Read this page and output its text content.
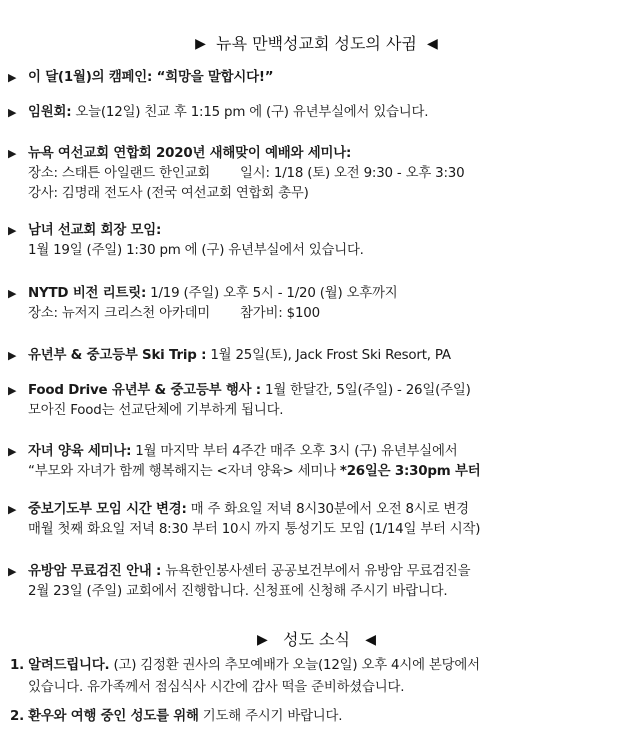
▶ 뉴욕 만백성교회 성도의 사귐 ◀
▶ 이 달(1월)의 캠페인: “희망을 말합시다!”
▶ 임원회: 오늘(12일) 친교 후 1:15 pm 에 (구) 유년부실에서 있습니다.
▶ 뉴욕 여선교회 연합회 2020년 새해맞이 예배와 세미나:
장소: 스태튼 아일랜드 한인교회 일시: 1/18 (토) 오전 9:30 - 오후 3:30
강사: 김명래 전도사 (전국 여선교회 연합회 총무)
▶ 남녀 선교회 회장 모임:
1월 19일 (주일) 1:30 pm 에 (구) 유년부실에서 있습니다.
▶ NYTD 비전 리트릿: 1/19 (주일) 오후 5시 - 1/20 (월) 오후까지
장소: 뉴저지 크리스천 아카데미 참가비: $100
▶ 유년부 & 중고등부 Ski Trip : 1월 25일(토), Jack Frost Ski Resort, PA
▶ Food Drive 유년부 & 중고등부 행사 : 1월 한달간, 5일(주일) - 26일(주일)
모아진 Food는 선교단체에 기부하게 됩니다.
▶ 자녀 양육 세미나: 1월 마지막 부터 4주간 매주 오후 3시 (구) 유년부실에서
“부모와 자녀가 함께 행복해지는 <자녀 양육> 세미나 *26일은 3:30pm 부터
▶ 중보기도부 모임 시간 변경: 매 주 화요일 저녁 8시30분에서 오전 8시로 변경
매월 첫째 화요일 저녁 8:30 부터 10시 까지 통성기도 모임 (1/14일 부터 시작)
▶ 유방암 무료검진 안내 : 뉴욕한인봉사센터 공공보건부에서 유방암 무료검진을
2월 23일 (주일) 교회에서 진행합니다. 신청표에 신청해 주시기 바랍니다.
▶ 성도 소식 ◀
1. 알려드립니다. (고) 김정환 권사의 추모예배가 오늘(12일) 오후 4시에 본당에서
있습니다. 유가족께서 점심식사 시간에 감사 떡을 준비하셨습니다.
2. 환우와 여행 중인 성도를 위해 기도해 주시기 바랍니다.
